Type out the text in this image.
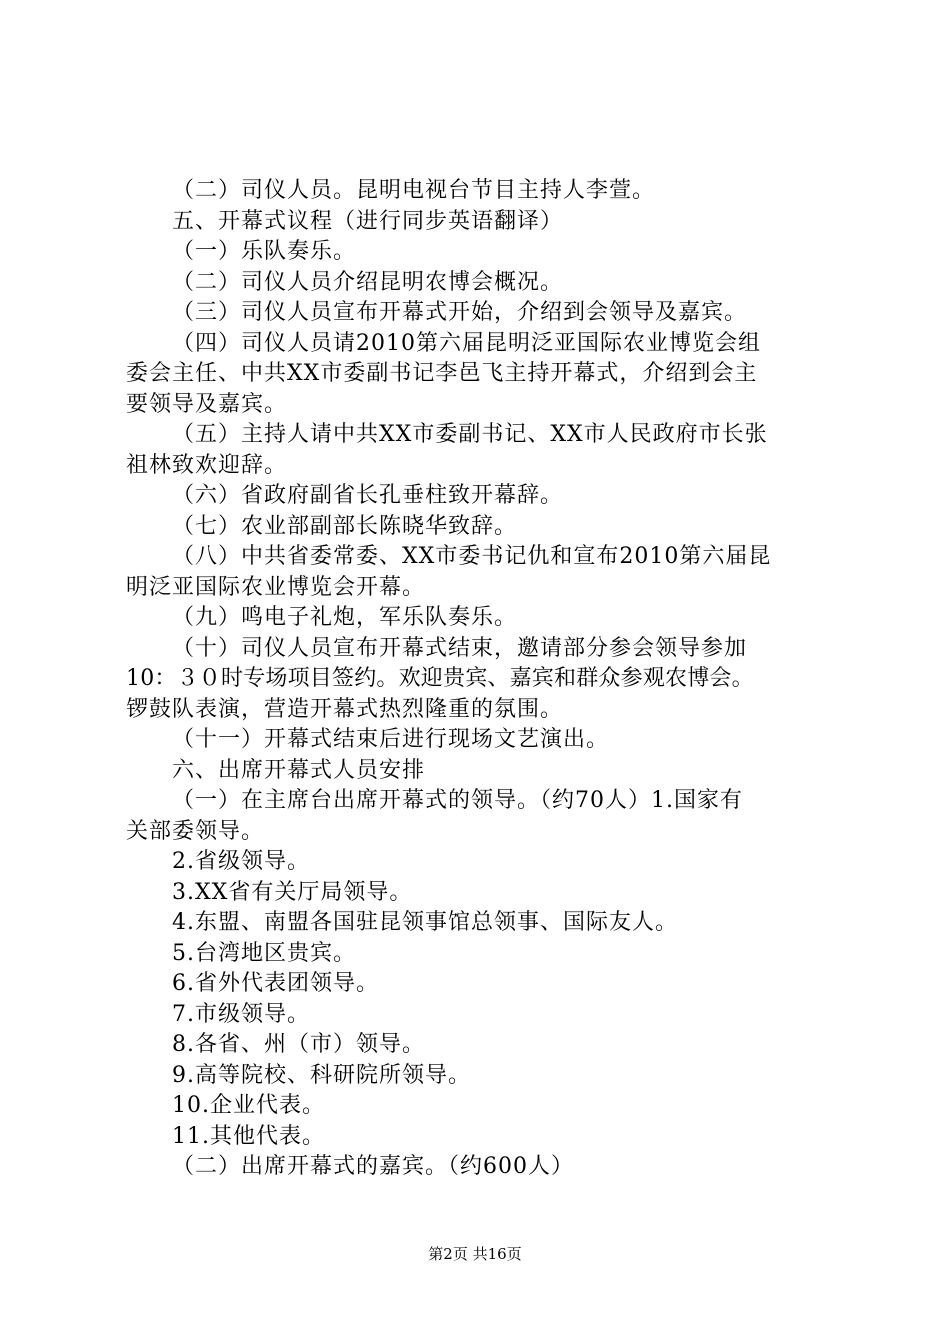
（二）司仪人员。昆明电视台节目主持人李萱。
五、开幕式议程（进行同步英语翻译）
（一）乐队奏乐。
（二）司仪人员介绍昆明农博会概况。
（三）司仪人员宣布开幕式开始，介绍到会领导及嘉宾。
（四）司仪人员请2010第六届昆明泛亚国际农业博览会组
委会主任、中共XX市委副书记李邑飞主持开幕式，介绍到会主
要领导及嘉宾。
（五）主持人请中共XX市委副书记、XX市人民政府市长张
祖林致欢迎辞。
（六）省政府副省长孔垂柱致开幕辞。
（七）农业部副部长陈晓华致辞。
（八）中共省委常委、XX市委书记仇和宣布2010第六届昆
明泛亚国际农业博览会开幕。
（九）鸣电子礼炮，军乐队奏乐。
（十）司仪人员宣布开幕式结束，邀请部分参会领导参加
10：３０时专场项目签约。欢迎贵宾、嘉宾和群众参观农博会。
锣鼓队表演，营造开幕式热烈隆重的氛围。
（十一）开幕式结束后进行现场文艺演出。
六、出席开幕式人员安排
（一）在主席台出席开幕式的领导。（约70人）1.国家有
关部委领导。
2.省级领导。
3.XX省有关厅局领导。
4.东盟、南盟各国驻昆领事馆总领事、国际友人。
5.台湾地区贵宾。
6.省外代表团领导。
7.市级领导。
8.各省、州（市）领导。
9.高等院校、科研院所领导。
10.企业代表。
11.其他代表。
（二）出席开幕式的嘉宾。（约600人）
第2页 共16页
